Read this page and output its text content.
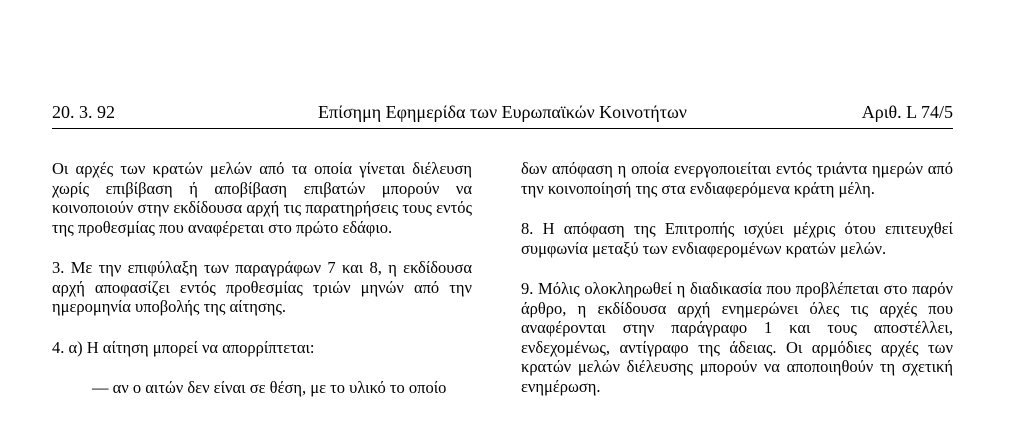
Επίσημη Εφημερίδα των Ευρωπαϊκών Κοινοτήτων
20. 3. 92	Αριθ. L 74/5

Οι αρχές των κρατών μελών από τα οποία γίνεται διέλευση χωρίς επιβίβαση ή αποβίβαση επιβατών μπορούν να κοινοποιούν στην εκδίδουσα αρχή τις παρατηρήσεις τους εντός της προθεσμίας που αναφέρεται στο πρώτο εδάφιο.

3. Με την επιφύλαξη των παραγράφων 7 και 8, η εκδίδουσα αρχή αποφασίζει εντός προθεσμίας τριών μηνών από την ημερομηνία υποβολής της αίτησης.

4. α) Η αίτηση μπορεί να απορρίπτεται:

— αν ο αιτών δεν είναι σε θέση, με το υλικό το οποίο

δων απόφαση η οποία ενεργοποιείται εντός τριάντα ημερών από την κοινοποίησή της στα ενδιαφερόμενα κράτη μέλη.

8. Η απόφαση της Επιτροπής ισχύει μέχρις ότου επιτευχθεί συμφωνία μεταξύ των ενδιαφερομένων κρατών μελών.

9. Μόλις ολοκληρωθεί η διαδικασία που προβλέπεται στο παρόν άρθρο, η εκδίδουσα αρχή ενημερώνει όλες τις αρχές που αναφέρονται στην παράγραφο 1 και τους αποστέλλει, ενδεχομένως, αντίγραφο της άδειας. Οι αρμόδιες αρχές των κρατών μελών διέλευσης μπορούν να αποποιηθούν τη σχετική ενημέρωση.
